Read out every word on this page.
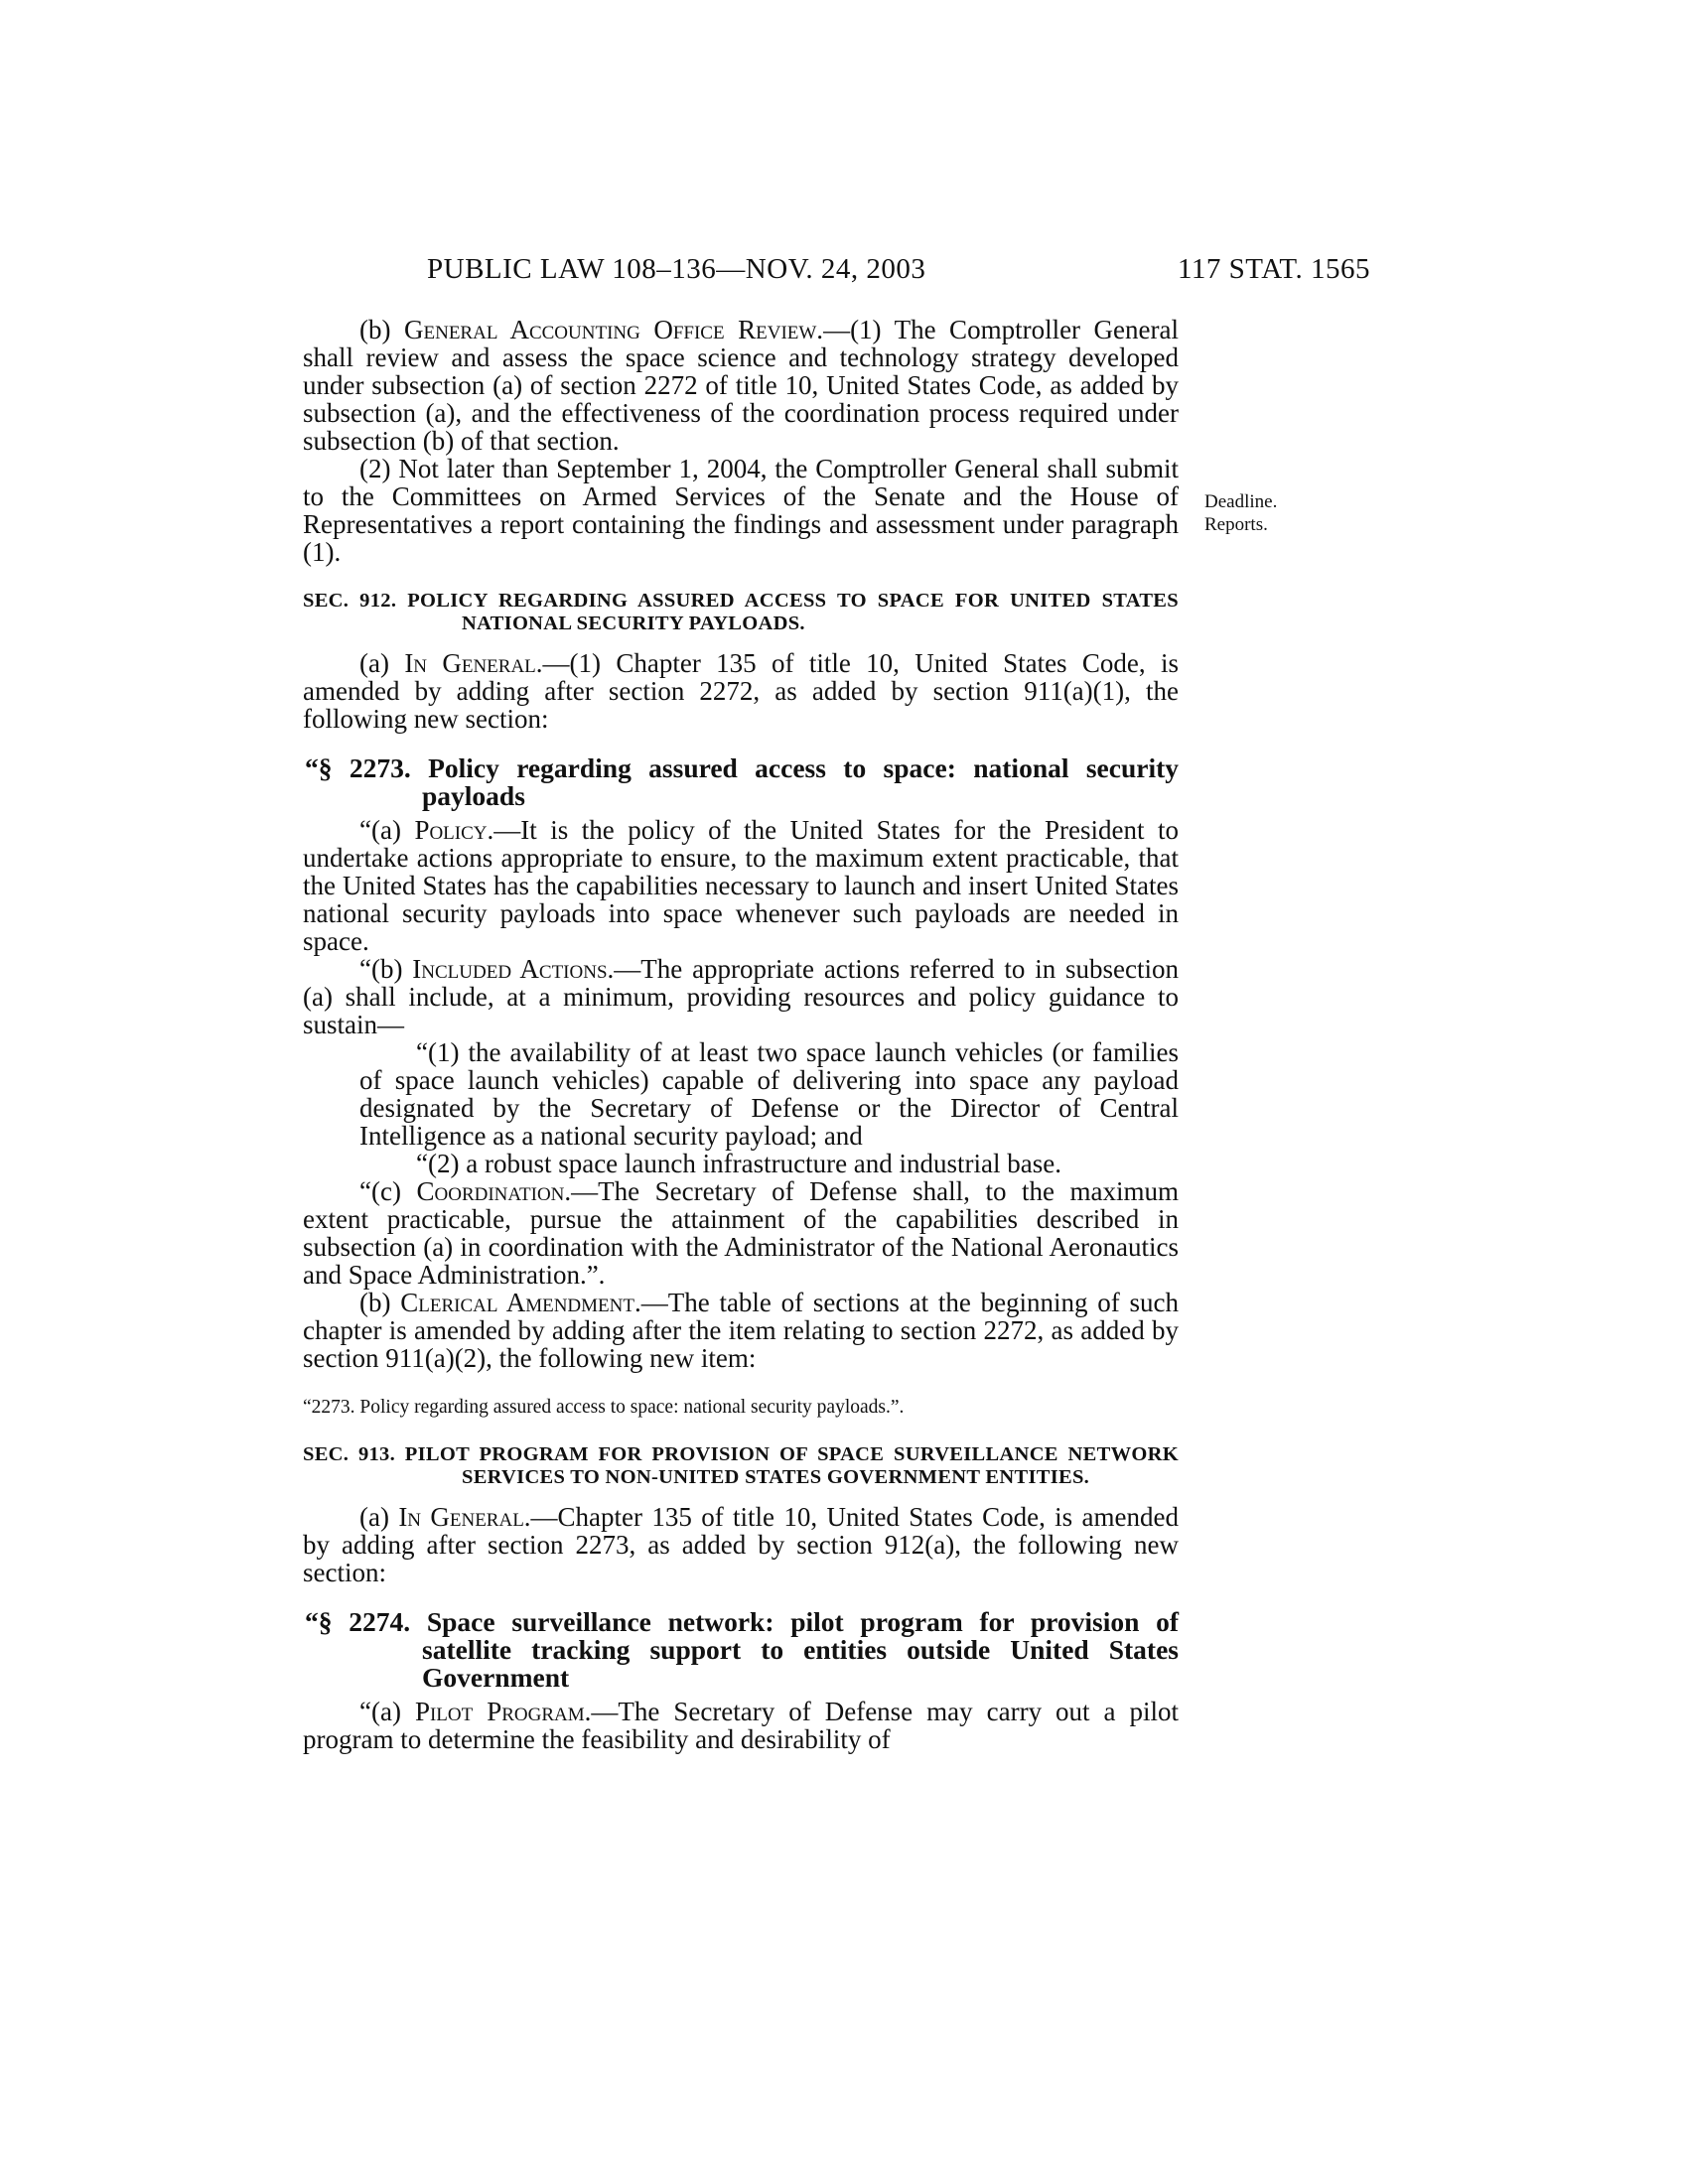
PUBLIC LAW 108–136—NOV. 24, 2003	117 STAT. 1565
Deadline.
Reports.

(b) General Accounting Office Review.—(1) The Comptroller General shall review and assess the space science and technology strategy developed under subsection (a) of section 2272 of title 10, United States Code, as added by subsection (a), and the effectiveness of the coordination process required under subsection (b) of that section.

(2) Not later than September 1, 2004, the Comptroller General shall submit to the Committees on Armed Services of the Senate and the House of Representatives a report containing the findings and assessment under paragraph (1).

SEC. 912. POLICY REGARDING ASSURED ACCESS TO SPACE FOR UNITED STATES NATIONAL SECURITY PAYLOADS.

(a) In General.—(1) Chapter 135 of title 10, United States Code, is amended by adding after section 2272, as added by section 911(a)(1), the following new section:

“§ 2273. Policy regarding assured access to space: national security payloads

“(a) Policy.—It is the policy of the United States for the President to undertake actions appropriate to ensure, to the maximum extent practicable, that the United States has the capabilities necessary to launch and insert United States national security payloads into space whenever such payloads are needed in space.

“(b) Included Actions.—The appropriate actions referred to in subsection (a) shall include, at a minimum, providing resources and policy guidance to sustain—

“(1) the availability of at least two space launch vehicles (or families of space launch vehicles) capable of delivering into space any payload designated by the Secretary of Defense or the Director of Central Intelligence as a national security payload; and

“(2) a robust space launch infrastructure and industrial base.

“(c) Coordination.—The Secretary of Defense shall, to the maximum extent practicable, pursue the attainment of the capabilities described in subsection (a) in coordination with the Administrator of the National Aeronautics and Space Administration.”.

(b) Clerical Amendment.—The table of sections at the beginning of such chapter is amended by adding after the item relating to section 2272, as added by section 911(a)(2), the following new item:

“2273. Policy regarding assured access to space: national security payloads.”.
SEC. 913. PILOT PROGRAM FOR PROVISION OF SPACE SURVEILLANCE NETWORK SERVICES TO NON-UNITED STATES GOVERNMENT ENTITIES.

(a) In General.—Chapter 135 of title 10, United States Code, is amended by adding after section 2273, as added by section 912(a), the following new section:

“§ 2274. Space surveillance network: pilot program for provision of satellite tracking support to entities outside United States Government

“(a) Pilot Program.—The Secretary of Defense may carry out a pilot program to determine the feasibility and desirability of
